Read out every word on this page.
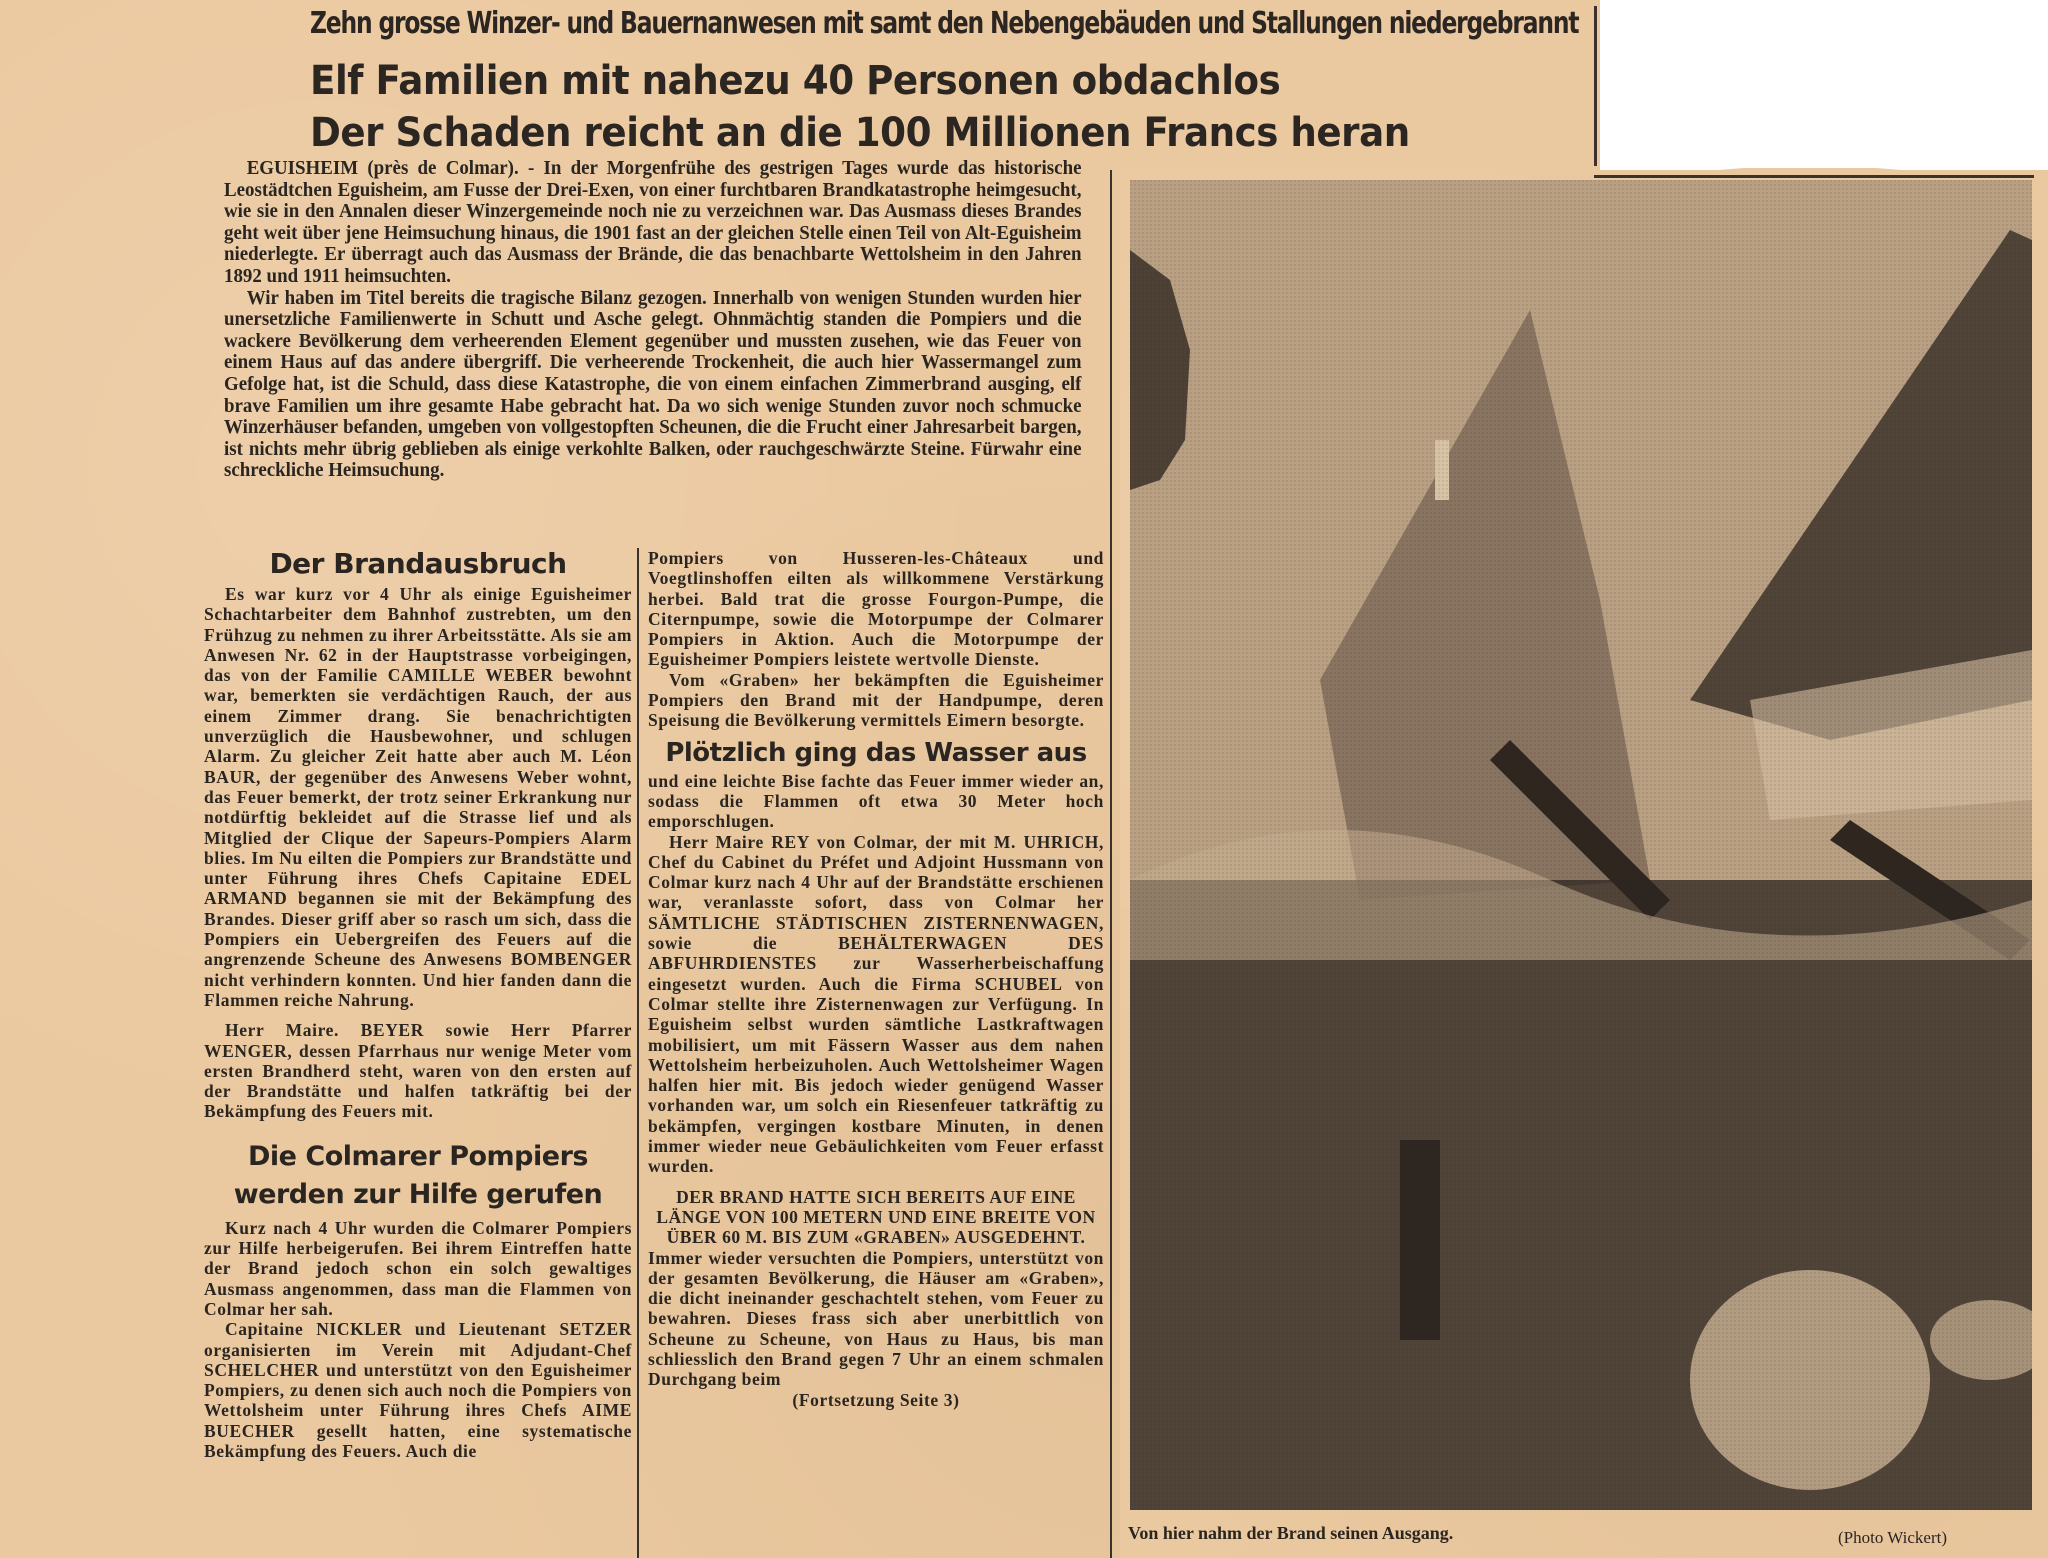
Zehn grosse Winzer- und Bauernanwesen mit samt den Nebengebäuden und Stallungen niedergebrannt
Elf Familien mit nahezu 40 Personen obdachlos
Der Schaden reicht an die 100 Millionen Francs heran

EGUISHEIM (près de Colmar). - In der Morgenfrühe des gestrigen Tages wurde das historische Leostädtchen Eguisheim, am Fusse der Drei-Exen, von einer furchtbaren Brandkatastrophe heimgesucht, wie sie in den Annalen dieser Winzergemeinde noch nie zu verzeichnen war. Das Ausmass dieses Brandes geht weit über jene Heimsuchung hinaus, die 1901 fast an der gleichen Stelle einen Teil von Alt-Eguisheim niederlegte. Er überragt auch das Ausmass der Brände, die das benachbarte Wettolsheim in den Jahren 1892 und 1911 heimsuchten.

Wir haben im Titel bereits die tragische Bilanz gezogen. Innerhalb von wenigen Stunden wurden hier unersetzliche Familienwerte in Schutt und Asche gelegt. Ohnmächtig standen die Pompiers und die wackere Bevölkerung dem verheerenden Element gegenüber und mussten zusehen, wie das Feuer von einem Haus auf das andere übergriff. Die verheerende Trockenheit, die auch hier Wassermangel zum Gefolge hat, ist die Schuld, dass diese Katastrophe, die von einem einfachen Zimmerbrand ausging, elf brave Familien um ihre gesamte Habe gebracht hat. Da wo sich wenige Stunden zuvor noch schmucke Winzerhäuser befanden, umgeben von vollgestopften Scheunen, die die Frucht einer Jahresarbeit bargen, ist nichts mehr übrig geblieben als einige verkohlte Balken, oder rauchgeschwärzte Steine. Fürwahr eine schreckliche Heimsuchung.

Der Brandausbruch

Es war kurz vor 4 Uhr als einige Eguisheimer Schachtarbeiter dem Bahnhof zustrebten, um den Frühzug zu nehmen zu ihrer Arbeitsstätte. Als sie am Anwesen Nr. 62 in der Hauptstrasse vorbeigingen, das von der Familie CAMILLE WEBER bewohnt war, bemerkten sie verdächtigen Rauch, der aus einem Zimmer drang. Sie benachrichtigten unverzüglich die Hausbewohner, und schlugen Alarm. Zu gleicher Zeit hatte aber auch M. Léon BAUR, der gegenüber des Anwesens Weber wohnt, das Feuer bemerkt, der trotz seiner Erkrankung nur notdürftig bekleidet auf die Strasse lief und als Mitglied der Clique der Sapeurs-Pompiers Alarm blies. Im Nu eilten die Pompiers zur Brandstätte und unter Führung ihres Chefs Capitaine EDEL ARMAND begannen sie mit der Bekämpfung des Brandes. Dieser griff aber so rasch um sich, dass die Pompiers ein Uebergreifen des Feuers auf die angrenzende Scheune des Anwesens BOMBENGER nicht verhindern konnten. Und hier fanden dann die Flammen reiche Nahrung.

Herr Maire. BEYER sowie Herr Pfarrer WENGER, dessen Pfarrhaus nur wenige Meter vom ersten Brandherd steht, waren von den ersten auf der Brandstätte und halfen tatkräftig bei der Bekämpfung des Feuers mit.

Die Colmarer Pompiers
werden zur Hilfe gerufen

Kurz nach 4 Uhr wurden die Colmarer Pompiers zur Hilfe herbeigerufen. Bei ihrem Eintreffen hatte der Brand jedoch schon ein solch gewaltiges Ausmass angenommen, dass man die Flammen von Colmar her sah.

Capitaine NICKLER und Lieutenant SETZER organisierten im Verein mit Adjudant-Chef SCHELCHER und unterstützt von den Eguisheimer Pompiers, zu denen sich auch noch die Pompiers von Wettolsheim unter Führung ihres Chefs AIME BUECHER gesellt hatten, eine systematische Bekämpfung des Feuers. Auch die

Pompiers von Husseren-les-Châteaux und Voegtlinshoffen eilten als willkommene Verstärkung herbei. Bald trat die grosse Fourgon-Pumpe, die Citernpumpe, sowie die Motorpumpe der Colmarer Pompiers in Aktion. Auch die Motorpumpe der Eguisheimer Pompiers leistete wertvolle Dienste.

Vom «Graben» her bekämpften die Eguisheimer Pompiers den Brand mit der Handpumpe, deren Speisung die Bevölkerung vermittels Eimern besorgte.

Plötzlich ging das Wasser aus

und eine leichte Bise fachte das Feuer immer wieder an, sodass die Flammen oft etwa 30 Meter hoch emporschlugen.

Herr Maire REY von Colmar, der mit M. UHRICH, Chef du Cabinet du Préfet und Adjoint Hussmann von Colmar kurz nach 4 Uhr auf der Brandstätte erschienen war, veranlasste sofort, dass von Colmar her SÄMTLICHE STÄDTISCHEN ZISTERNENWAGEN, sowie die BEHÄLTERWAGEN DES ABFUHRDIENSTES zur Wasserherbeischaffung eingesetzt wurden. Auch die Firma SCHUBEL von Colmar stellte ihre Zisternenwagen zur Verfügung. In Eguisheim selbst wurden sämtliche Lastkraftwagen mobilisiert, um mit Fässern Wasser aus dem nahen Wettolsheim herbeizuholen. Auch Wettolsheimer Wagen halfen hier mit. Bis jedoch wieder genügend Wasser vorhanden war, um solch ein Riesenfeuer tatkräftig zu bekämpfen, vergingen kostbare Minuten, in denen immer wieder neue Gebäulichkeiten vom Feuer erfasst wurden.

DER BRAND HATTE SICH BEREITS AUF EINE LÄNGE VON 100 METERN UND EINE BREITE VON ÜBER 60 M. BIS ZUM «GRABEN» AUSGEDEHNT.

Immer wieder versuchten die Pompiers, unterstützt von der gesamten Bevölkerung, die Häuser am «Graben», die dicht ineinander geschachtelt stehen, vom Feuer zu bewahren. Dieses frass sich aber unerbittlich von Scheune zu Scheune, von Haus zu Haus, bis man schliesslich den Brand gegen 7 Uhr an einem schmalen Durchgang beim

(Fortsetzung Seite 3)

Von hier nahm der Brand seinen Ausgang.	(Photo Wickert)
